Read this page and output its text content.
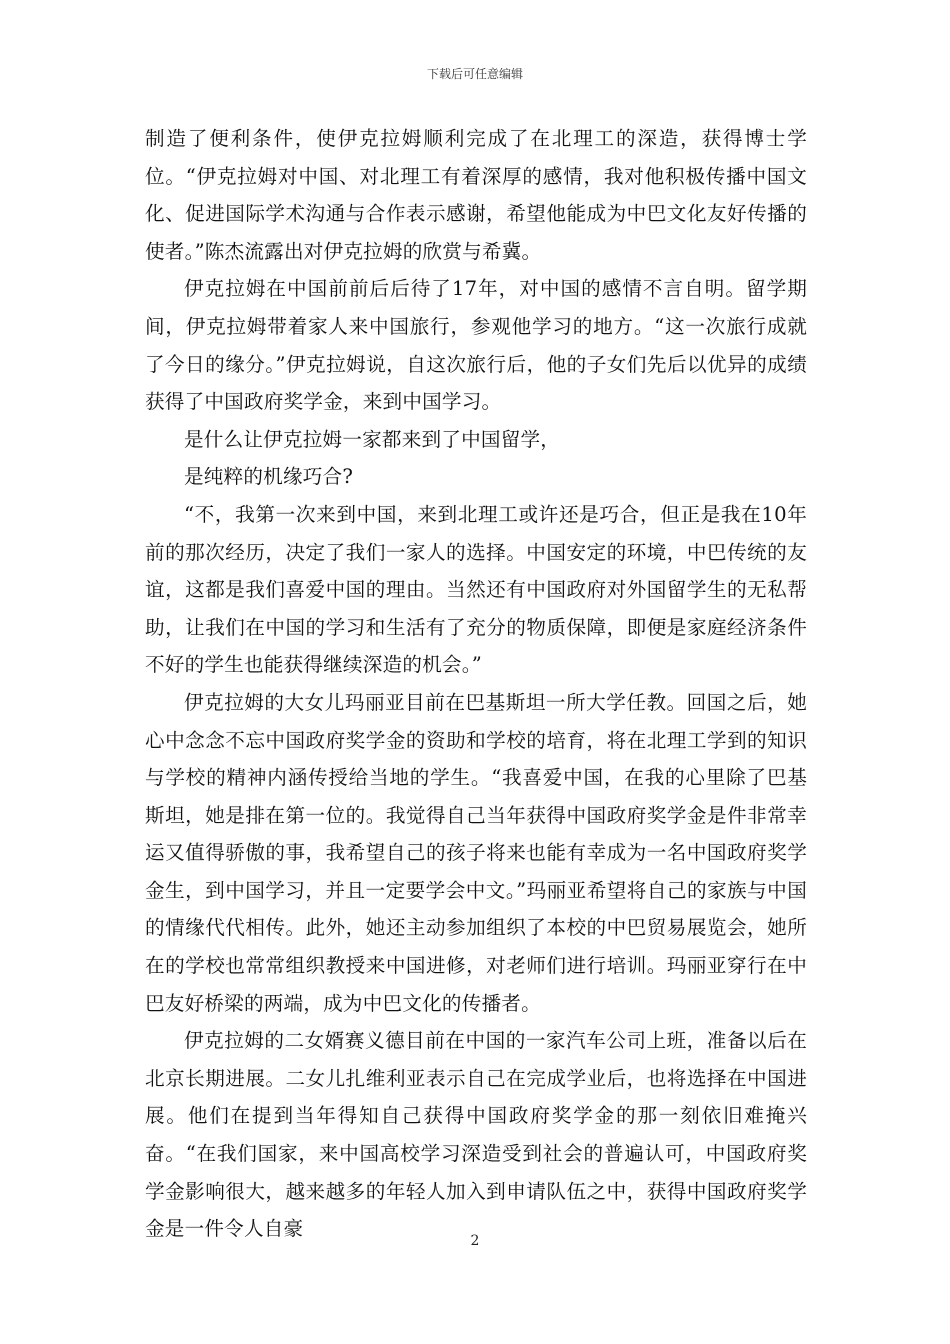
下载后可任意编辑

制造了便利条件，使伊克拉姆顺利完成了在北理工的深造，获得博士学位。“伊克拉姆对中国、对北理工有着深厚的感情，我对他积极传播中国文化、促进国际学术沟通与合作表示感谢，希望他能成为中巴文化友好传播的使者。”陈杰流露出对伊克拉姆的欣赏与希冀。

伊克拉姆在中国前前后后待了17年，对中国的感情不言自明。留学期间，伊克拉姆带着家人来中国旅行，参观他学习的地方。“这一次旅行成就了今日的缘分。”伊克拉姆说，自这次旅行后，他的子女们先后以优异的成绩获得了中国政府奖学金，来到中国学习。

是什么让伊克拉姆一家都来到了中国留学，

是纯粹的机缘巧合?

“不，我第一次来到中国，来到北理工或许还是巧合，但正是我在10年前的那次经历，决定了我们一家人的选择。中国安定的环境，中巴传统的友谊，这都是我们喜爱中国的理由。当然还有中国政府对外国留学生的无私帮助，让我们在中国的学习和生活有了充分的物质保障，即便是家庭经济条件不好的学生也能获得继续深造的机会。”

伊克拉姆的大女儿玛丽亚目前在巴基斯坦一所大学任教。回国之后，她心中念念不忘中国政府奖学金的资助和学校的培育，将在北理工学到的知识与学校的精神内涵传授给当地的学生。“我喜爱中国，在我的心里除了巴基斯坦，她是排在第一位的。我觉得自己当年获得中国政府奖学金是件非常幸运又值得骄傲的事，我希望自己的孩子将来也能有幸成为一名中国政府奖学金生，到中国学习，并且一定要学会中文。”玛丽亚希望将自己的家族与中国的情缘代代相传。此外，她还主动参加组织了本校的中巴贸易展览会，她所在的学校也常常组织教授来中国进修，对老师们进行培训。玛丽亚穿行在中巴友好桥梁的两端，成为中巴文化的传播者。

伊克拉姆的二女婿赛义德目前在中国的一家汽车公司上班，准备以后在北京长期进展。二女儿扎维利亚表示自己在完成学业后，也将选择在中国进展。他们在提到当年得知自己获得中国政府奖学金的那一刻依旧难掩兴奋。“在我们国家，来中国高校学习深造受到社会的普遍认可，中国政府奖学金影响很大，越来越多的年轻人加入到申请队伍之中，获得中国政府奖学金是一件令人自豪

2
